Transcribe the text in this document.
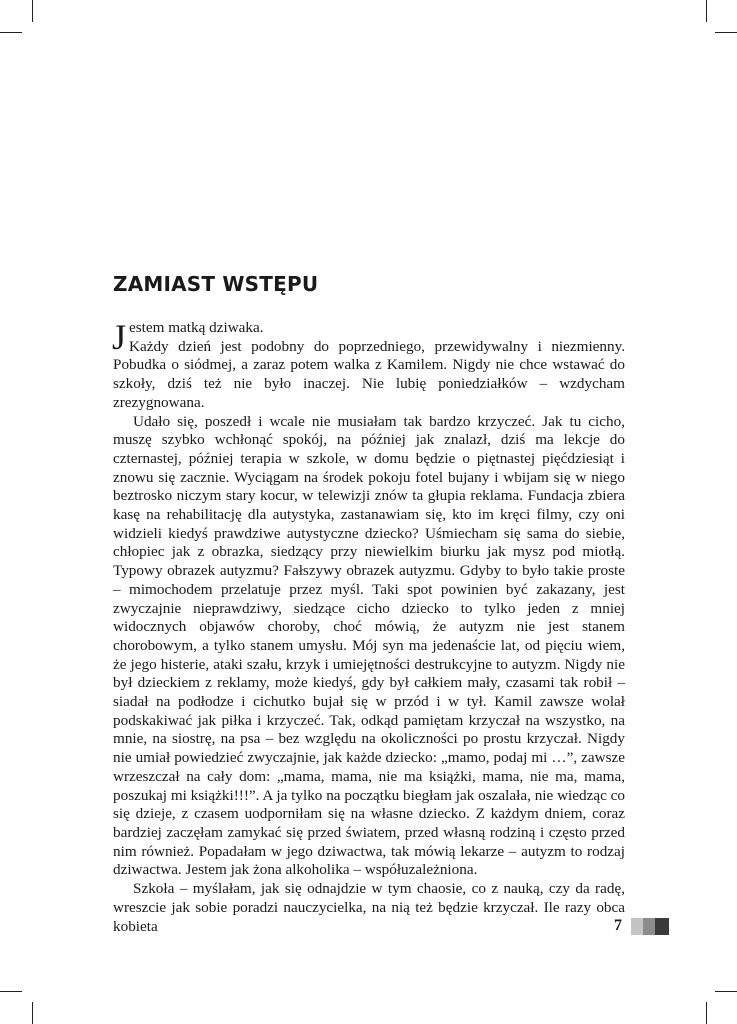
ZAMIAST WSTĘPU

Jestem matką dziwaka.

Każdy dzień jest podobny do poprzedniego, przewidywalny i niezmienny. Pobudka o siódmej, a zaraz potem walka z Kamilem. Nigdy nie chce wstawać do szkoły, dziś też nie było inaczej. Nie lubię poniedziałków – wzdycham zrezygnowana.

Udało się, poszedł i wcale nie musiałam tak bardzo krzyczeć. Jak tu cicho, muszę szybko wchłonąć spokój, na później jak znalazł, dziś ma lekcje do czternastej, później terapia w szkole, w domu będzie o piętnastej pięćdziesiąt i znowu się zacznie. Wyciągam na środek pokoju fotel bujany i wbijam się w niego beztrosko niczym stary kocur, w telewizji znów ta głupia reklama. Fundacja zbiera kasę na rehabilitację dla autystyka, zastanawiam się, kto im kręci filmy, czy oni widzieli kiedyś prawdziwe autystyczne dziecko? Uśmiecham się sama do siebie, chłopiec jak z obrazka, siedzący przy niewielkim biurku jak mysz pod miotłą. Typowy obrazek autyzmu? Fałszywy obrazek autyzmu. Gdyby to było takie proste – mimochodem przelatuje przez myśl. Taki spot powinien być zakazany, jest zwyczajnie nieprawdziwy, siedzące cicho dziecko to tylko jeden z mniej widocznych objawów choroby, choć mówią, że autyzm nie jest stanem chorobowym, a tylko stanem umysłu. Mój syn ma jedenaście lat, od pięciu wiem, że jego histerie, ataki szału, krzyk i umiejętności destrukcyjne to autyzm. Nigdy nie był dzieckiem z reklamy, może kiedyś, gdy był całkiem mały, czasami tak robił – siadał na podłodze i cichutko bujał się w przód i w tył. Kamil zawsze wolał podskakiwać jak piłka i krzyczeć. Tak, odkąd pamiętam krzyczał na wszystko, na mnie, na siostrę, na psa – bez względu na okoliczności po prostu krzyczał. Nigdy nie umiał powiedzieć zwyczajnie, jak każde dziecko: „mamo, podaj mi …”, zawsze wrzeszczał na cały dom: „mama, mama, nie ma książki, mama, nie ma, mama, poszukaj mi książki!!!”. A ja tylko na początku biegłam jak oszalała, nie wiedząc co się dzieje, z czasem uodporniłam się na własne dziecko. Z każdym dniem, coraz bardziej zaczęłam zamykać się przed światem, przed własną rodziną i często przed nim również. Popadałam w jego dziwactwa, tak mówią lekarze – autyzm to rodzaj dziwactwa. Jestem jak żona alkoholika – współuzależniona.

Szkoła – myślałam, jak się odnajdzie w tym chaosie, co z nauką, czy da radę, wreszcie jak sobie poradzi nauczycielka, na nią też będzie krzyczał. Ile razy obca kobieta	7
